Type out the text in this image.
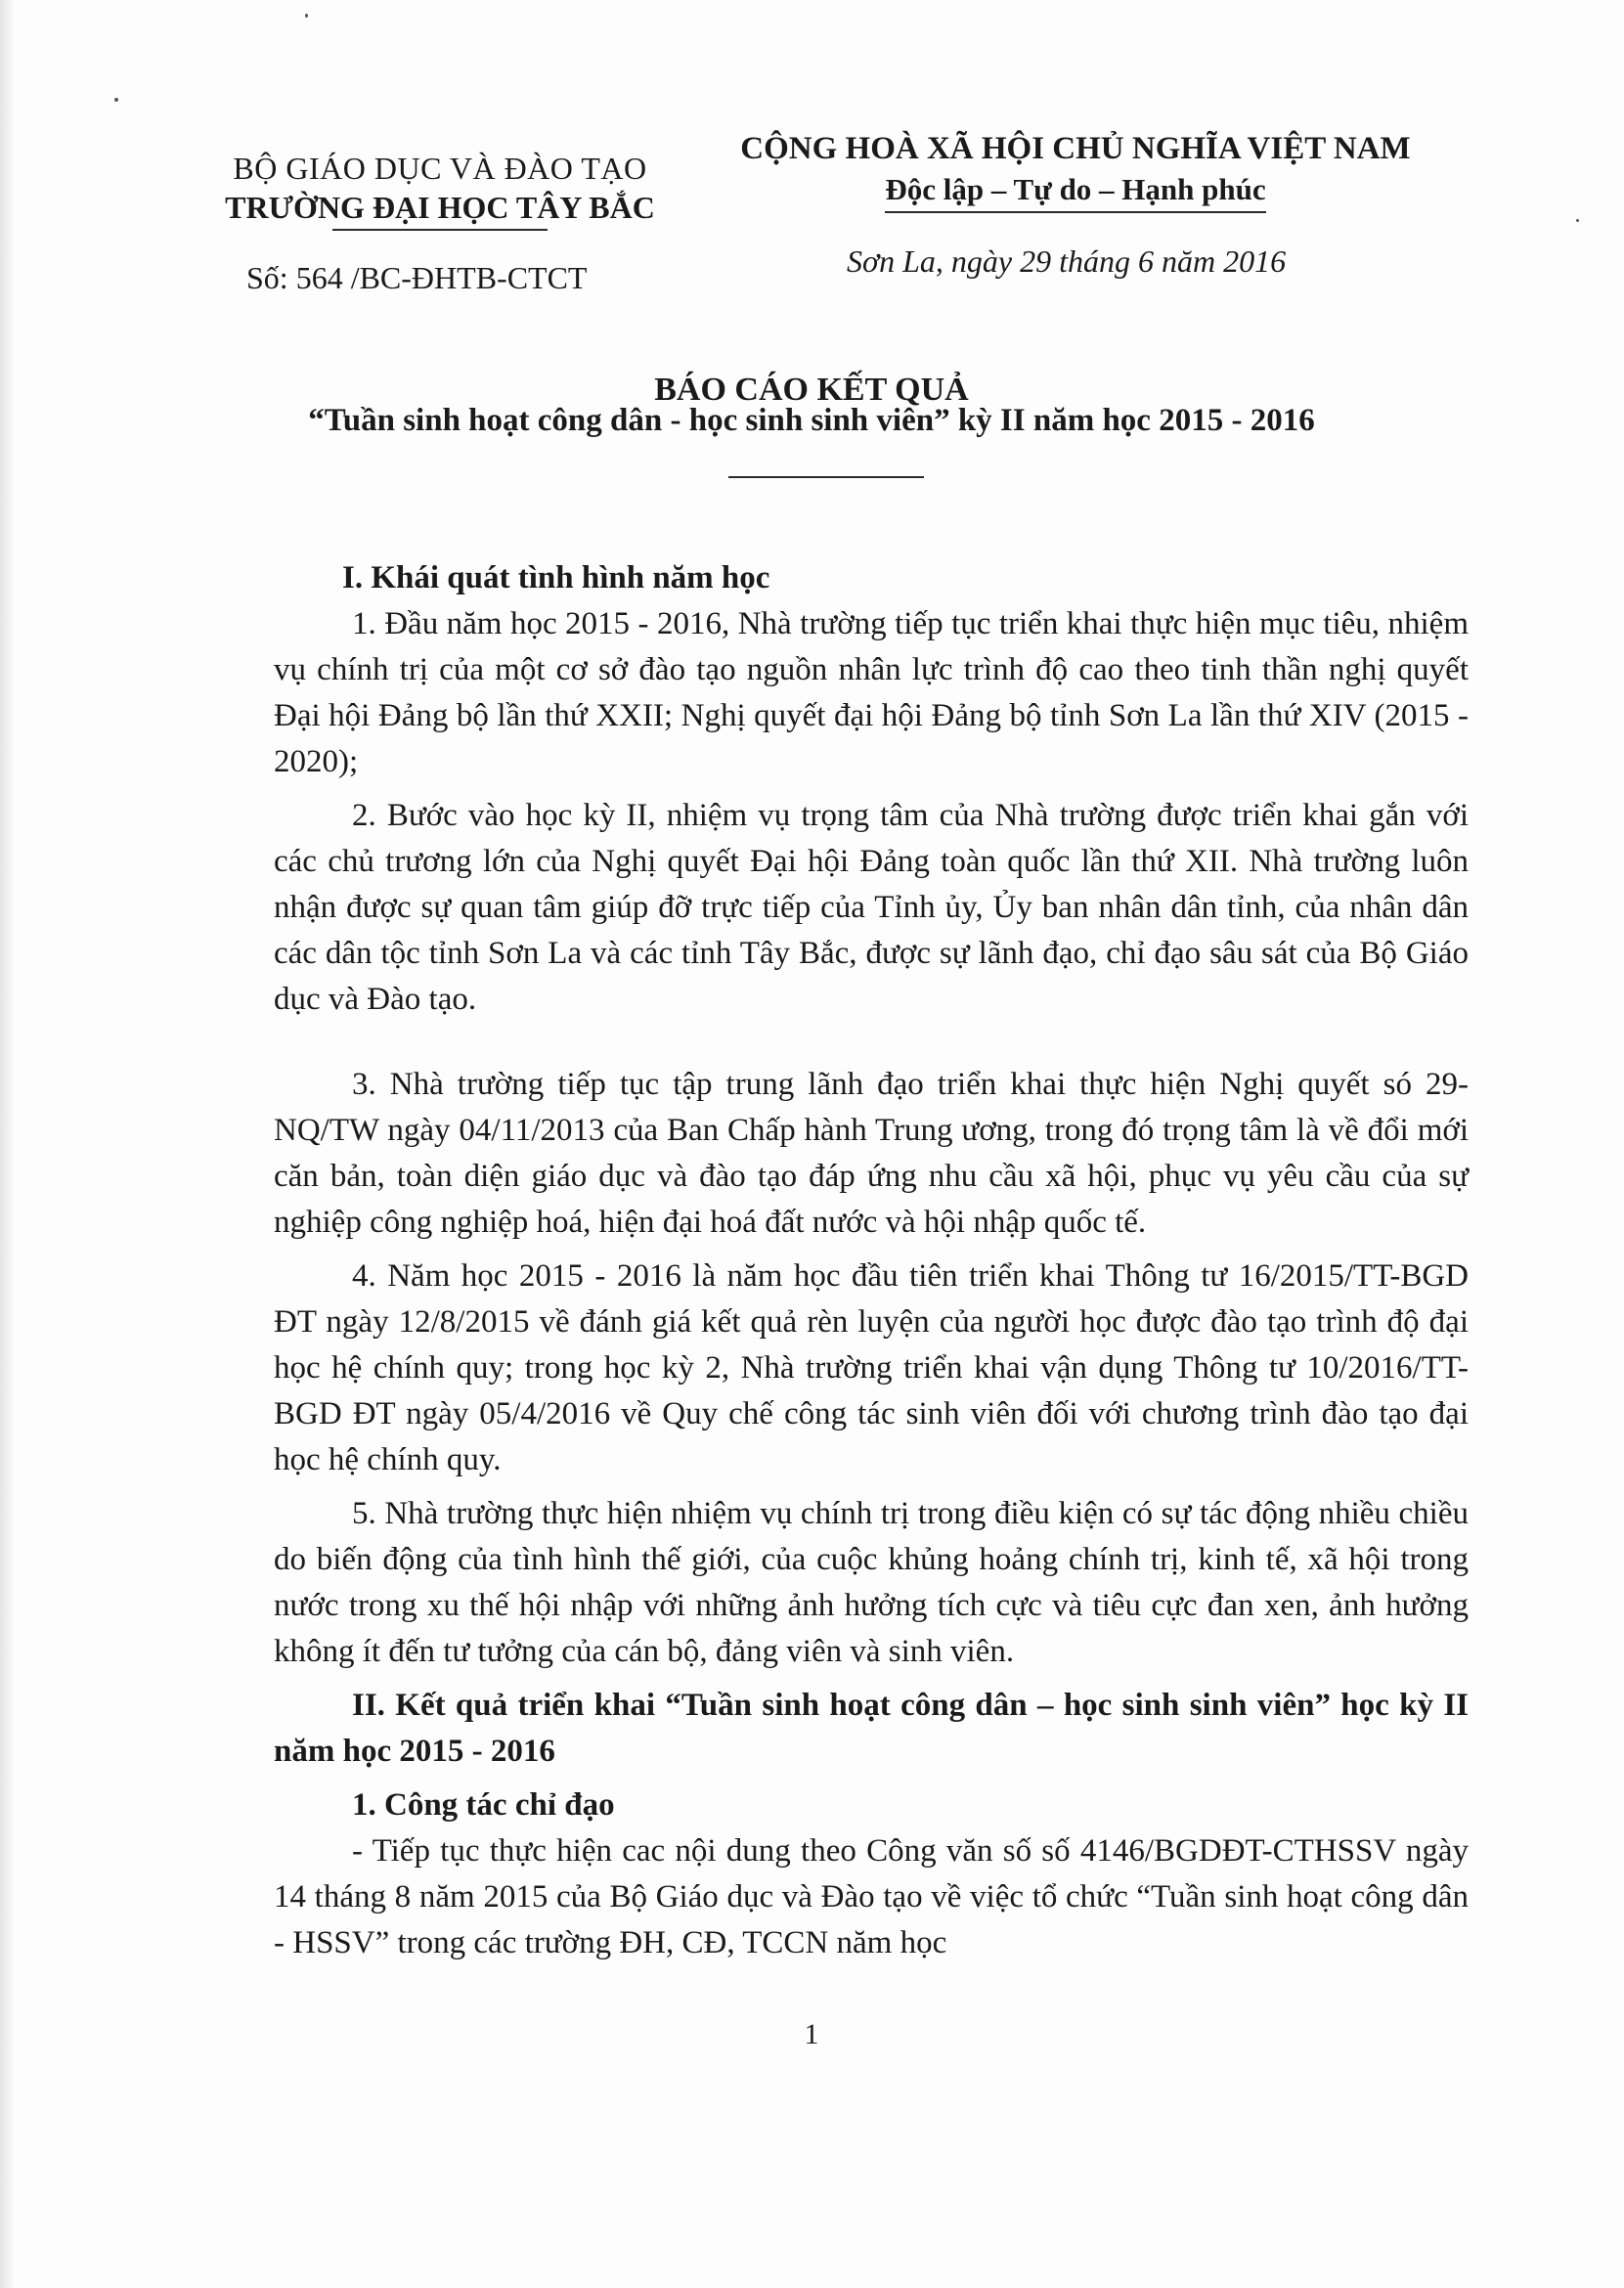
BỘ GIÁO DỤC VÀ ĐÀO TẠO
TRƯỜNG ĐẠI HỌC TÂY BẮC
Số: 564 /BC-ĐHTB-CTCT
CỘNG HOÀ XÃ HỘI CHỦ NGHĨA VIỆT NAM
Độc lập – Tự do – Hạnh phúc
Sơn La, ngày 29 tháng 6 năm 2016
BÁO CÁO KẾT QUẢ
“Tuần sinh hoạt công dân - học sinh sinh viên” kỳ II năm học 2015 - 2016

I. Khái quát tình hình năm học

1. Đầu năm học 2015 - 2016, Nhà trường tiếp tục triển khai thực hiện mục tiêu, nhiệm vụ chính trị của một cơ sở đào tạo nguồn nhân lực trình độ cao theo tinh thần nghị quyết Đại hội Đảng bộ lần thứ XXII; Nghị quyết đại hội Đảng bộ tỉnh Sơn La lần thứ XIV (2015 - 2020);

2. Bước vào học kỳ II, nhiệm vụ trọng tâm của Nhà trường được triển khai gắn với các chủ trương lớn của Nghị quyết Đại hội Đảng toàn quốc lần thứ XII. Nhà trường luôn nhận được sự quan tâm giúp đỡ trực tiếp của Tỉnh ủy, Ủy ban nhân dân tỉnh, của nhân dân các dân tộc tỉnh Sơn La và các tỉnh Tây Bắc, được sự lãnh đạo, chỉ đạo sâu sát của Bộ Giáo dục và Đào tạo.

3. Nhà trường tiếp tục tập trung lãnh đạo triển khai thực hiện Nghị quyết só 29-NQ/TW ngày 04/11/2013 của Ban Chấp hành Trung ương, trong đó trọng tâm là về đổi mới căn bản, toàn diện giáo dục và đào tạo đáp ứng nhu cầu xã hội, phục vụ yêu cầu của sự nghiệp công nghiệp hoá, hiện đại hoá đất nước và hội nhập quốc tế.

4. Năm học 2015 - 2016 là năm học đầu tiên triển khai Thông tư 16/2015/TT-BGD ĐT ngày 12/8/2015 về đánh giá kết quả rèn luyện của người học được đào tạo trình độ đại học hệ chính quy; trong học kỳ 2, Nhà trường triển khai vận dụng Thông tư 10/2016/TT-BGD ĐT ngày 05/4/2016 về Quy chế công tác sinh viên đối với chương trình đào tạo đại học hệ chính quy.

5. Nhà trường thực hiện nhiệm vụ chính trị trong điều kiện có sự tác động nhiều chiều do biến động của tình hình thế giới, của cuộc khủng hoảng chính trị, kinh tế, xã hội trong nước trong xu thế hội nhập với những ảnh hưởng tích cực và tiêu cực đan xen, ảnh hưởng không ít đến tư tưởng của cán bộ, đảng viên và sinh viên.

II. Kết quả triển khai “Tuần sinh hoạt công dân – học sinh sinh viên” học kỳ II năm học 2015 - 2016

1. Công tác chỉ đạo

- Tiếp tục thực hiện cac nội dung theo Công văn số số 4146/BGDĐT-CTHSSV ngày 14 tháng 8 năm 2015 của Bộ Giáo dục và Đào tạo về việc tổ chức “Tuần sinh hoạt công dân - HSSV” trong các trường ĐH, CĐ, TCCN năm học

1
